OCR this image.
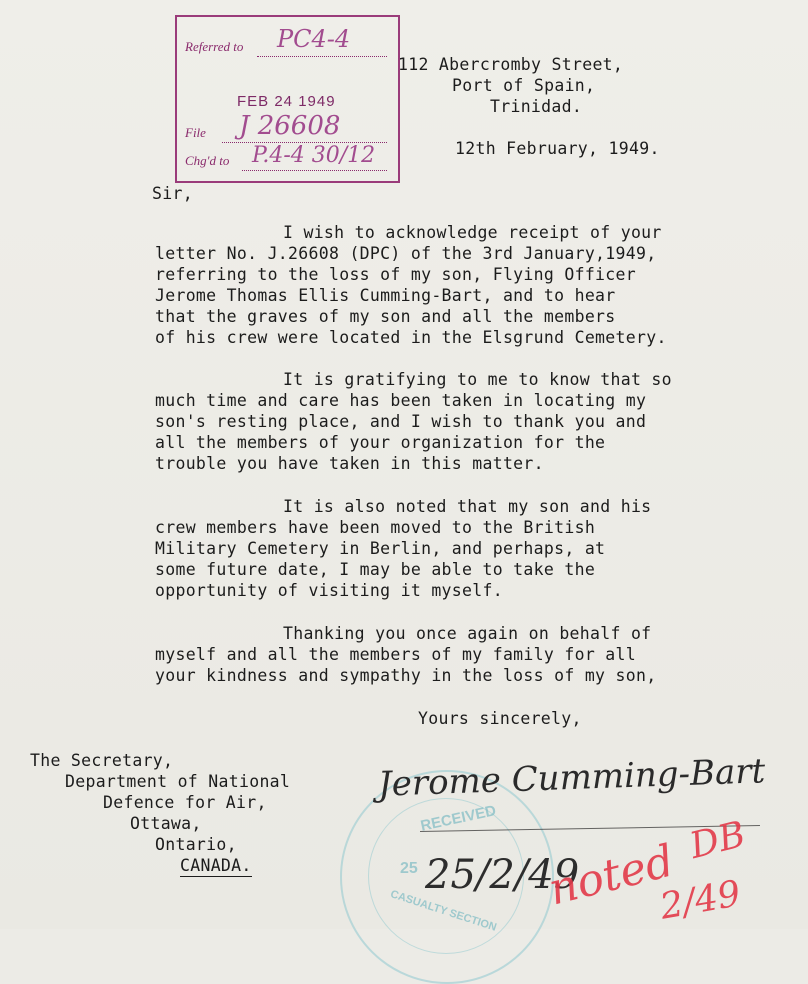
Referred to PC4-4
FEB 24 1949
File J 26608
Chg'd to P.4-4 30/12
112 Abercromby Street,
Port of Spain,
Trinidad.
12th February, 1949.
Sir,
I wish to acknowledge receipt of your
letter No. J.26608 (DPC) of the 3rd January,1949,
referring to the loss of my son, Flying Officer
Jerome Thomas Ellis Cumming-Bart, and to hear
that the graves of my son and all the members
of his crew were located in the Elsgrund Cemetery.
It is gratifying to me to know that so
much time and care has been taken in locating my
son's resting place, and I wish to thank you and
all the members of your organization for the
trouble you have taken in this matter.
It is also noted that my son and his
crew members have been moved to the British
Military Cemetery in Berlin, and perhaps, at
some future date, I may be able to take the
opportunity of visiting it myself.
Thanking you once again on behalf of
myself and all the members of my family for all
your kindness and sympathy in the loss of my son,
Yours sincerely,
RECEIVED
25
CASUALTY SECTION
Jerome Cumming-Bart
25/2/49
The Secretary,
Department of National
Defence for Air,
Ottawa,
Ontario,
CANADA.	noted DB
2/49
